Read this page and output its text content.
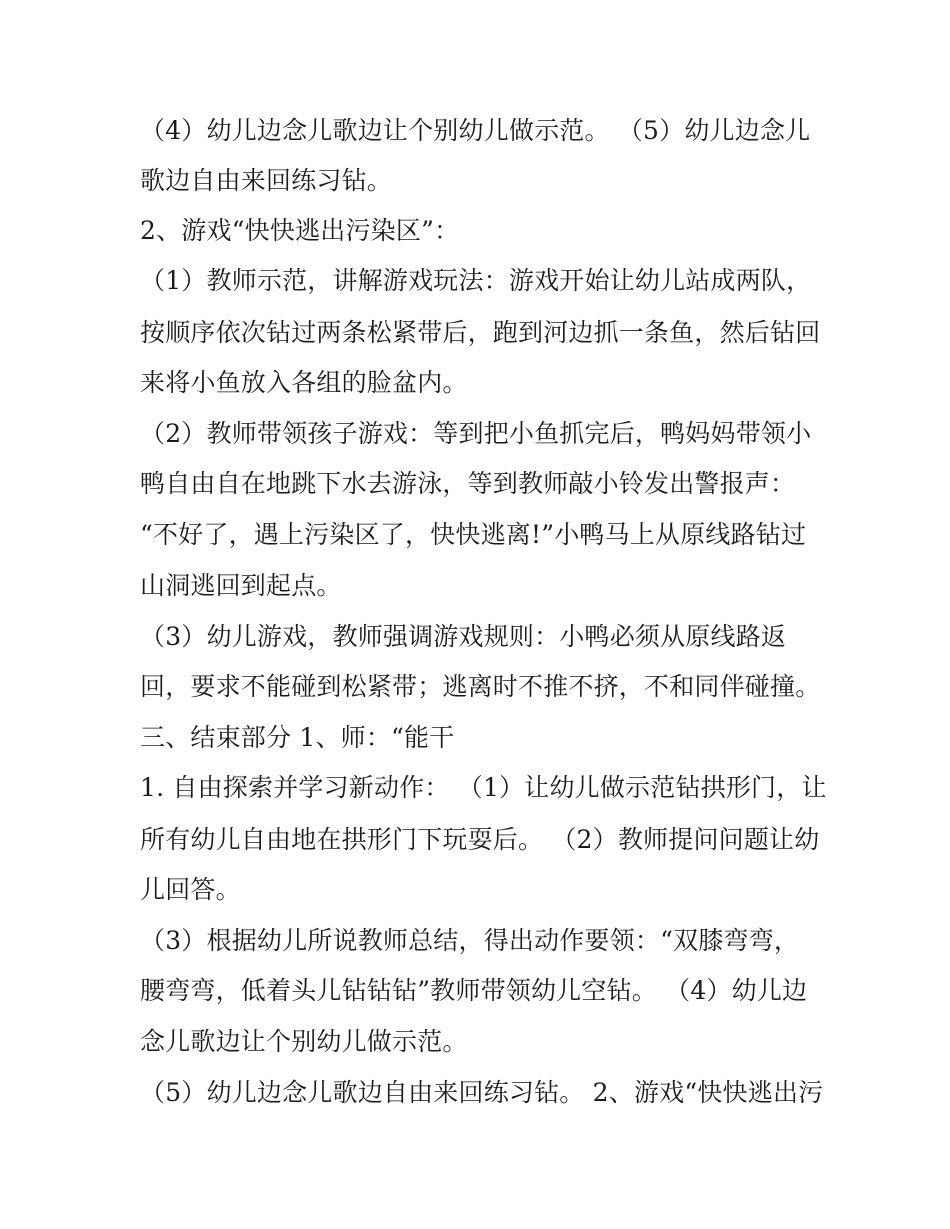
（4）幼儿边念儿歌边让个别幼儿做示范。 （5）幼儿边念儿
歌边自由来回练习钻。
2、游戏“快快逃出污染区”：
（1）教师示范，讲解游戏玩法：游戏开始让幼儿站成两队，
按顺序依次钻过两条松紧带后，跑到河边抓一条鱼，然后钻回
来将小鱼放入各组的脸盆内。
（2）教师带领孩子游戏：等到把小鱼抓完后，鸭妈妈带领小
鸭自由自在地跳下水去游泳，等到教师敲小铃发出警报声：
“不好了，遇上污染区了，快快逃离!”小鸭马上从原线路钻过
山洞逃回到起点。
（3）幼儿游戏，教师强调游戏规则：小鸭必须从原线路返
回，要求不能碰到松紧带；逃离时不推不挤，不和同伴碰撞。
三、结束部分 1、师：“能干
1. 自由探索并学习新动作： （1）让幼儿做示范钻拱形门，让
所有幼儿自由地在拱形门下玩耍后。 （2）教师提问问题让幼
儿回答。
（3）根据幼儿所说教师总结，得出动作要领：“双膝弯弯，
腰弯弯，低着头儿钻钻钻”教师带领幼儿空钻。 （4）幼儿边
念儿歌边让个别幼儿做示范。
（5）幼儿边念儿歌边自由来回练习钻。 2、游戏“快快逃出污
